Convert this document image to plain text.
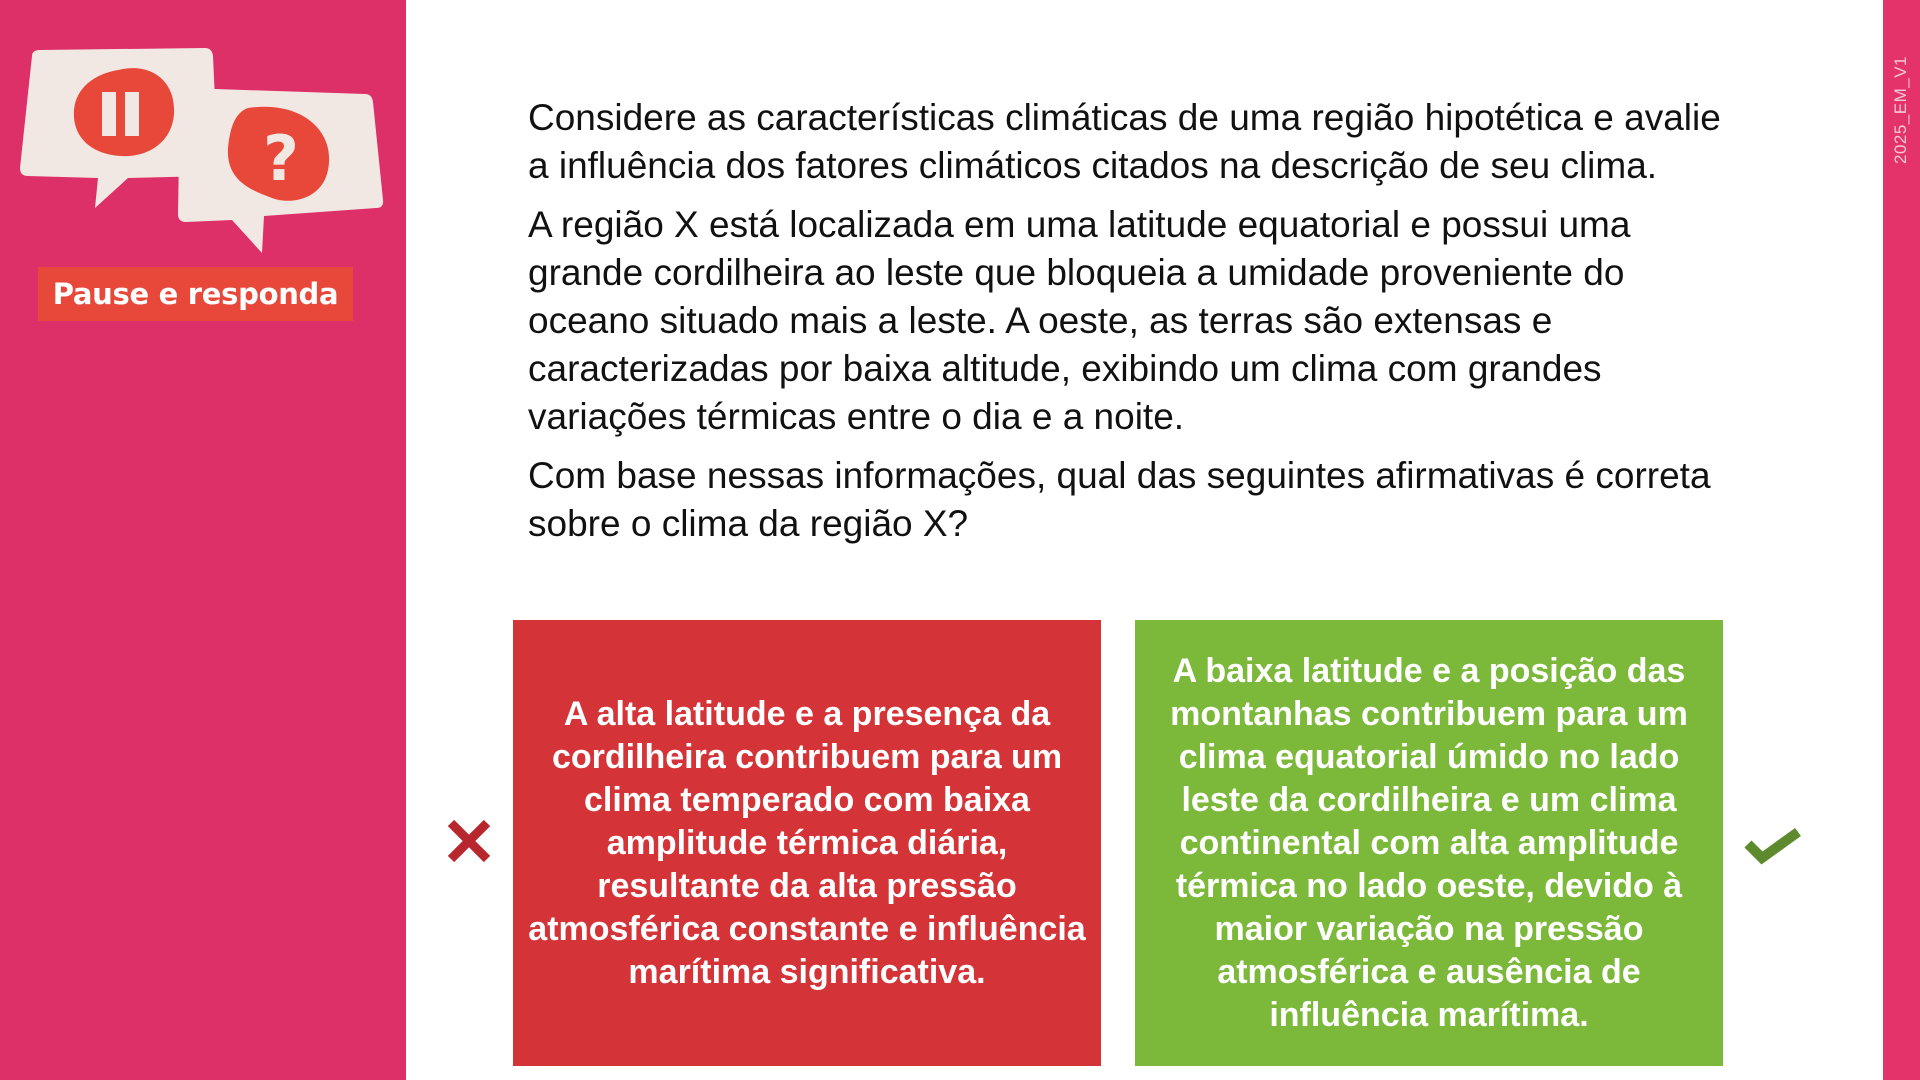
?
Pause e responda
2025_EM_V1

Considere as características climáticas de uma região hipotética e avalie a influência dos fatores climáticos citados na descrição de seu clima.

A região X está localizada em uma latitude equatorial e possui uma grande cordilheira ao leste que bloqueia a umidade proveniente do oceano situado mais a leste. A oeste, as terras são extensas e caracterizadas por baixa altitude, exibindo um clima com grandes variações térmicas entre o dia e a noite.

Com base nessas informações, qual das seguintes afirmativas é correta sobre o clima da região X?

A alta latitude e a presença da cordilheira contribuem para um clima temperado com baixa amplitude térmica diária, resultante da alta pressão atmosférica constante e influência marítima significativa.
A baixa latitude e a posição das montanhas contribuem para um clima equatorial úmido no lado leste da cordilheira e um clima continental com alta amplitude térmica no lado oeste, devido à maior variação na pressão atmosférica e ausência de influência marítima.
